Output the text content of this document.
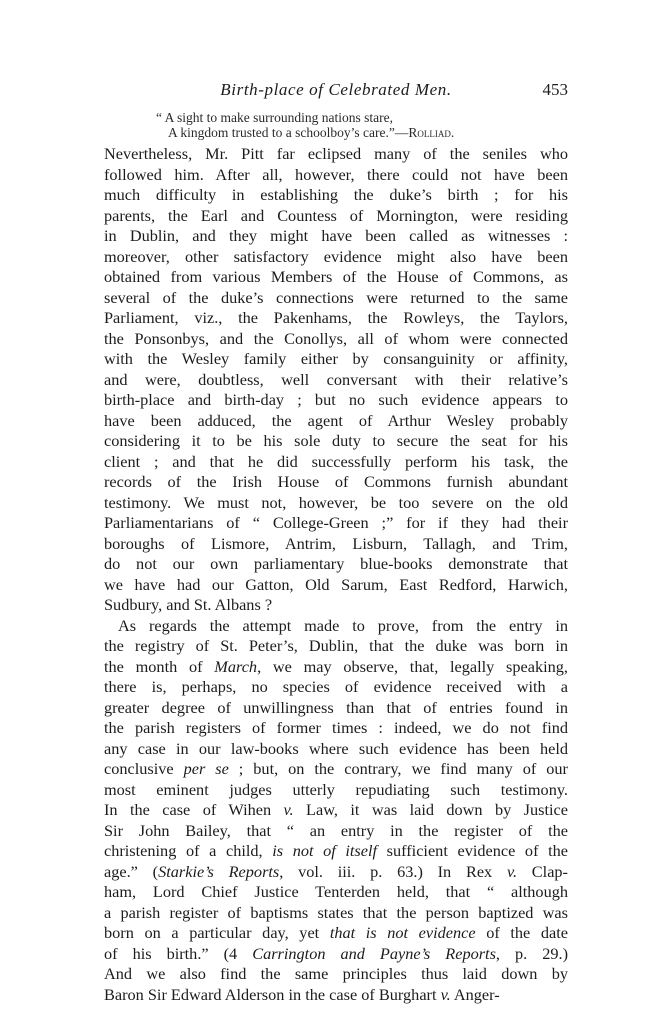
Birth-place of Celebrated Men.	453
“ A sight to make surrounding nations stare,
A kingdom trusted to a schoolboy’s care.”—Rolliad.
Nevertheless, Mr. Pitt far eclipsed many of the seniles who
followed him. After all, however, there could not have been
much difficulty in establishing the duke’s birth ; for his
parents, the Earl and Countess of Mornington, were residing
in Dublin, and they might have been called as witnesses :
moreover, other satisfactory evidence might also have been
obtained from various Members of the House of Commons, as
several of the duke’s connections were returned to the same
Parliament, viz., the Pakenhams, the Rowleys, the Taylors,
the Ponsonbys, and the Conollys, all of whom were connected
with the Wesley family either by consanguinity or affinity,
and were, doubtless, well conversant with their relative’s
birth-place and birth-day ; but no such evidence appears to
have been adduced, the agent of Arthur Wesley probably
considering it to be his sole duty to secure the seat for his
client ; and that he did successfully perform his task, the
records of the Irish House of Commons furnish abundant
testimony. We must not, however, be too severe on the old
Parliamentarians of “ College-Green ;” for if they had their
boroughs of Lismore, Antrim, Lisburn, Tallagh, and Trim,
do not our own parliamentary blue-books demonstrate that
we have had our Gatton, Old Sarum, East Redford, Harwich,
Sudbury, and St. Albans ?
As regards the attempt made to prove, from the entry in
the registry of St. Peter’s, Dublin, that the duke was born in
the month of March, we may observe, that, legally speaking,
there is, perhaps, no species of evidence received with a
greater degree of unwillingness than that of entries found in
the parish registers of former times : indeed, we do not find
any case in our law-books where such evidence has been held
conclusive per se ; but, on the contrary, we find many of our
most eminent judges utterly repudiating such testimony.
In the case of Wihen v. Law, it was laid down by Justice
Sir John Bailey, that “ an entry in the register of the
christening of a child, is not of itself sufficient evidence of the
age.” (Starkie’s Reports, vol. iii. p. 63.) In Rex v. Clap-
ham, Lord Chief Justice Tenterden held, that “ although
a parish register of baptisms states that the person baptized was
born on a particular day, yet that is not evidence of the date
of his birth.” (4 Carrington and Payne’s Reports, p. 29.)
And we also find the same principles thus laid down by
Baron Sir Edward Alderson in the case of Burghart v. Anger-
